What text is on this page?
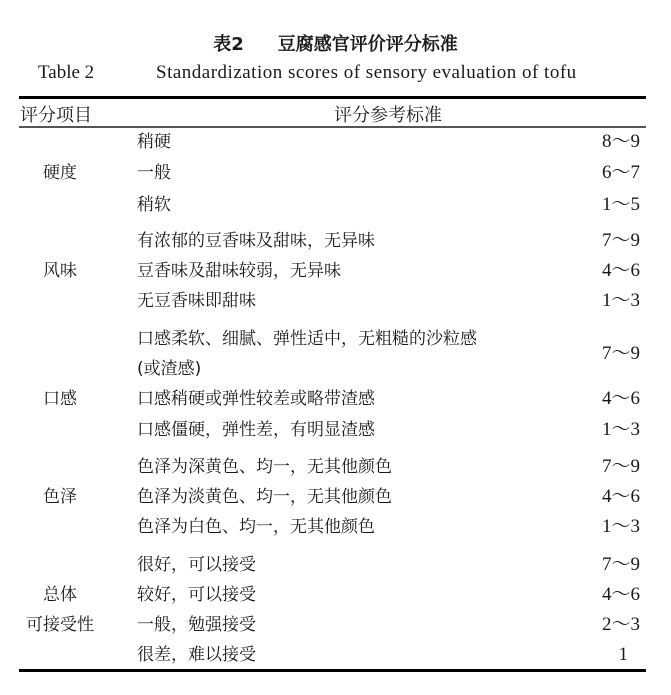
表2 豆腐感官评价评分标准
Table 2	Standardization scores of sensory evaluation of tofu
评分项目	评分参考标准
硬度
稍硬	8～9
一般	6～7
稍软	1～5
风味
有浓郁的豆香味及甜味，无异味	7～9
豆香味及甜味较弱，无异味	4～6
无豆香味即甜味	1～3
口感
口感柔软、细腻、弹性适中，无粗糙的沙粒感
(或渣感)
7～9
口感稍硬或弹性较差或略带渣感	4～6
口感僵硬，弹性差，有明显渣感	1～3
色泽
色泽为深黄色、均一，无其他颜色	7～9
色泽为淡黄色、均一，无其他颜色	4～6
色泽为白色、均一，无其他颜色	1～3
总体
可接受性
很好，可以接受	7～9
较好，可以接受	4～6
一般，勉强接受	2～3
很差，难以接受	1
